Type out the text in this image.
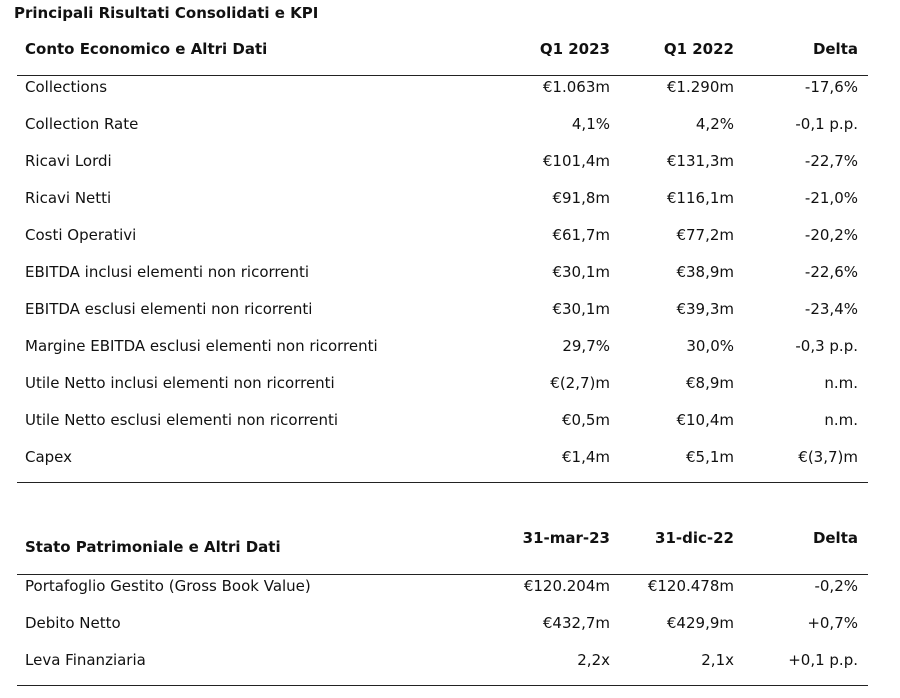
Principali Risultati Consolidati e KPI
Conto Economico e Altri Dati	Q1 2023	Q1 2022	Delta
Collections	€1.063m	€1.290m	-17,6%
Collection Rate	4,1%	4,2%	-0,1 p.p.
Ricavi Lordi	€101,4m	€131,3m	-22,7%
Ricavi Netti	€91,8m	€116,1m	-21,0%
Costi Operativi	€61,7m	€77,2m	-20,2%
EBITDA inclusi elementi non ricorrenti	€30,1m	€38,9m	-22,6%
EBITDA esclusi elementi non ricorrenti	€30,1m	€39,3m	-23,4%
Margine EBITDA esclusi elementi non ricorrenti	29,7%	30,0%	-0,3 p.p.
Utile Netto inclusi elementi non ricorrenti	€(2,7)m	€8,9m	n.m.
Utile Netto esclusi elementi non ricorrenti	€0,5m	€10,4m	n.m.
Capex	€1,4m	€5,1m	€(3,7)m
Stato Patrimoniale e Altri Dati	31-mar-23	31-dic-22	Delta
Portafoglio Gestito (Gross Book Value)	€120.204m	€120.478m	-0,2%
Debito Netto	€432,7m	€429,9m	+0,7%
Leva Finanziaria	2,2x	2,1x	+0,1 p.p.
